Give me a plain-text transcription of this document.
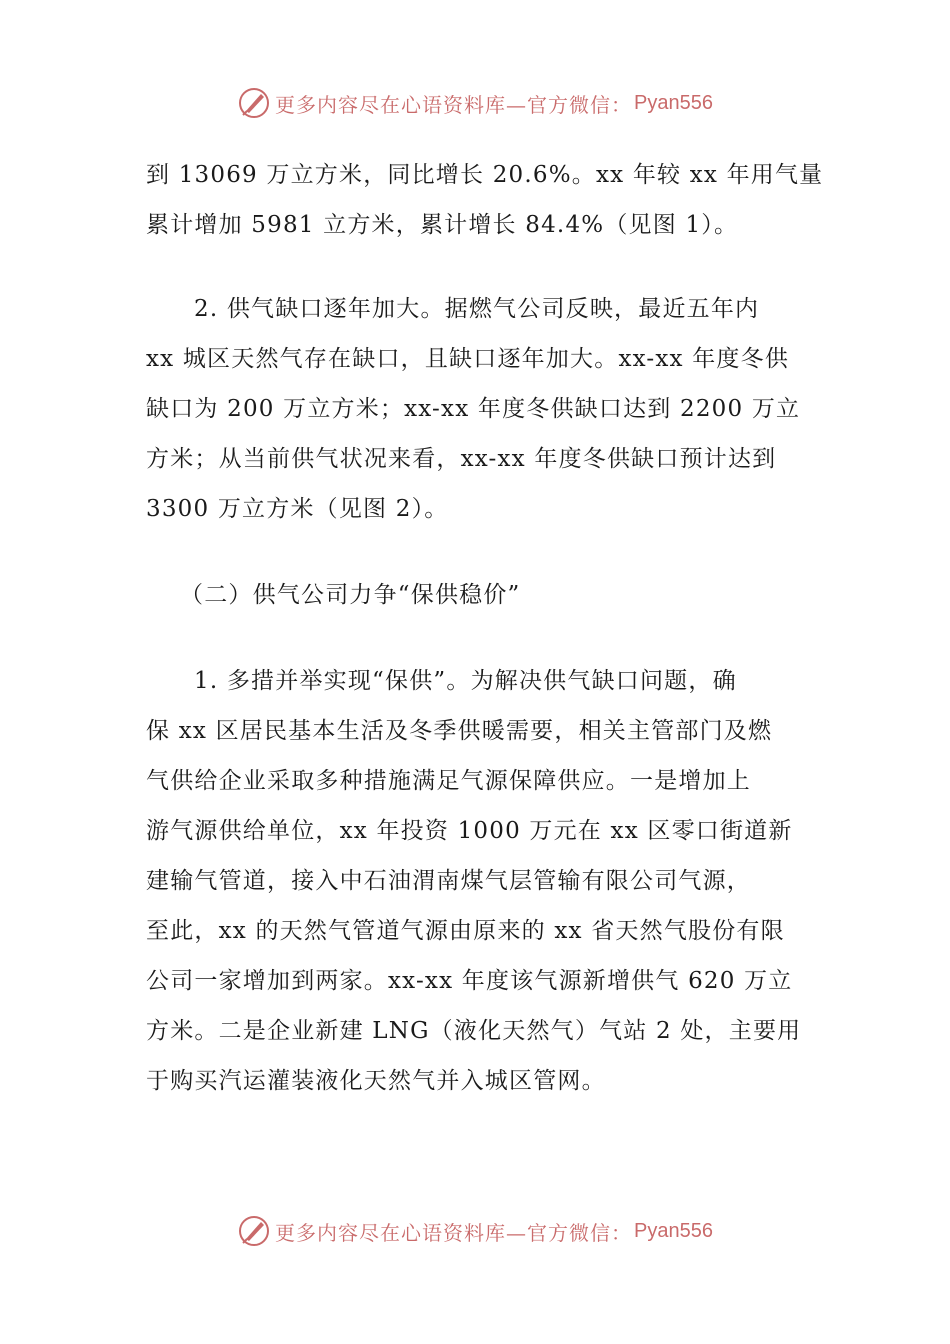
更多内容尽在心语资料库—官方微信： Pyan556
到 13069 万立方米，同比增长 20.6%。xx 年较 xx 年用气量
累计增加 5981 立方米，累计增长 84.4%（见图 1）。
2. 供气缺口逐年加大。据燃气公司反映，最近五年内
xx 城区天然气存在缺口，且缺口逐年加大。xx-xx 年度冬供
缺口为 200 万立方米；xx-xx 年度冬供缺口达到 2200 万立
方米；从当前供气状况来看，xx-xx 年度冬供缺口预计达到
3300 万立方米（见图 2）。
（二）供气公司力争“保供稳价”
1. 多措并举实现“保供”。为解决供气缺口问题，确
保 xx 区居民基本生活及冬季供暖需要，相关主管部门及燃
气供给企业采取多种措施满足气源保障供应。一是增加上
游气源供给单位，xx 年投资 1000 万元在 xx 区零口街道新
建输气管道，接入中石油渭南煤气层管输有限公司气源，
至此，xx 的天然气管道气源由原来的 xx 省天然气股份有限
公司一家增加到两家。xx-xx 年度该气源新增供气 620 万立
方米。二是企业新建 LNG（液化天然气）气站 2 处，主要用
于购买汽运灌装液化天然气并入城区管网。
更多内容尽在心语资料库—官方微信： Pyan556
